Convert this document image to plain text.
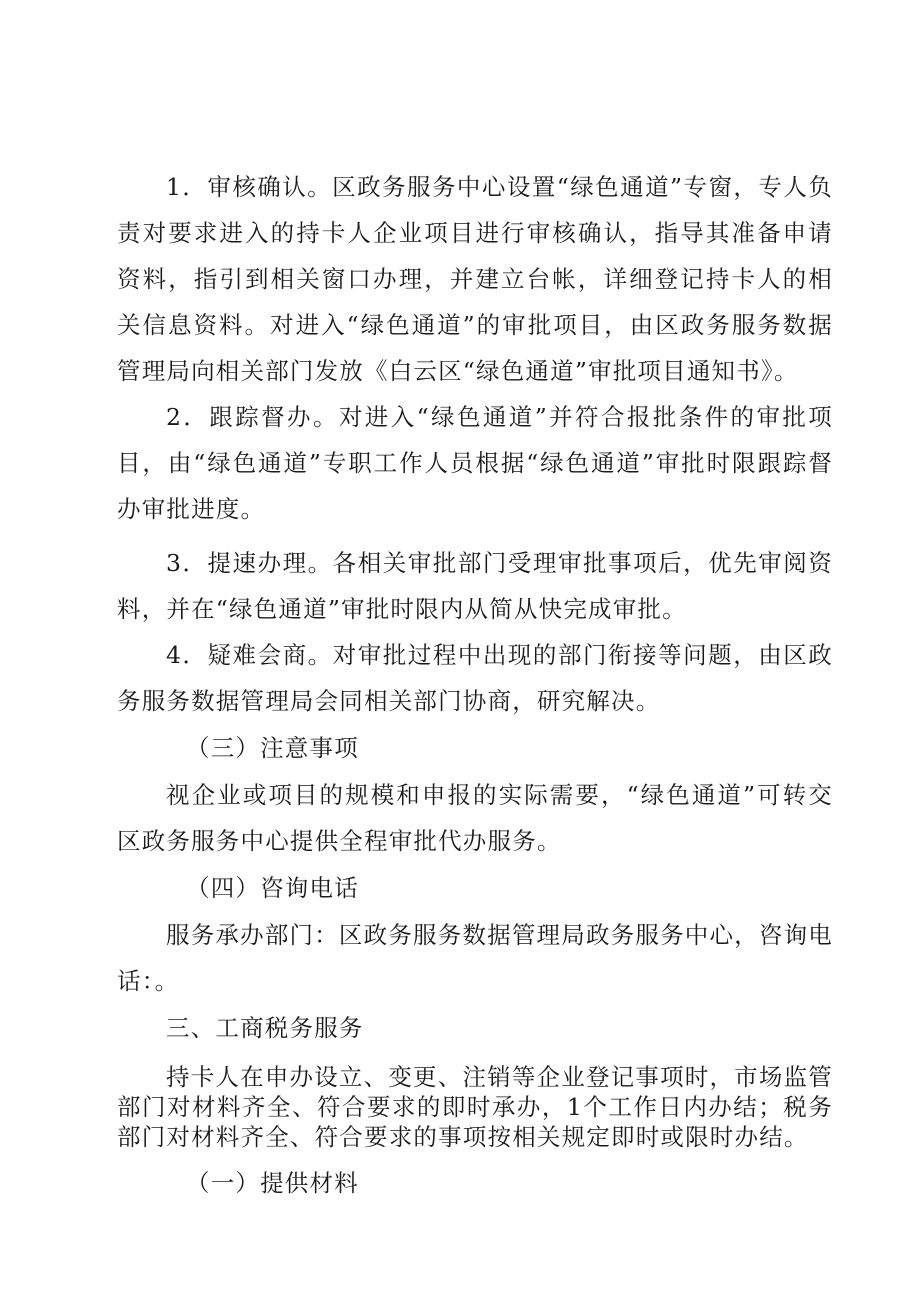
1．审核确认。区政务服务中心设置“绿色通道”专窗，专人负责对要求进入的持卡人企业项目进行审核确认，指导其准备申请资料，指引到相关窗口办理，并建立台帐，详细登记持卡人的相关信息资料。对进入“绿色通道”的审批项目，由区政务服务数据管理局向相关部门发放《白云区“绿色通道”审批项目通知书》。

2．跟踪督办。对进入“绿色通道”并符合报批条件的审批项目，由“绿色通道”专职工作人员根据“绿色通道”审批时限跟踪督办审批进度。

3．提速办理。各相关审批部门受理审批事项后，优先审阅资料，并在“绿色通道”审批时限内从简从快完成审批。

4．疑难会商。对审批过程中出现的部门衔接等问题，由区政务服务数据管理局会同相关部门协商，研究解决。

（三）注意事项

视企业或项目的规模和申报的实际需要，“绿色通道”可转交区政务服务中心提供全程审批代办服务。

（四）咨询电话

服务承办部门：区政务服务数据管理局政务服务中心，咨询电话：。

三、工商税务服务

持卡人在申办设立、变更、注销等企业登记事项时，市场监管部门对材料齐全、符合要求的即时承办，1个工作日内办结；税务部门对材料齐全、符合要求的事项按相关规定即时或限时办结。

（一）提供材料
